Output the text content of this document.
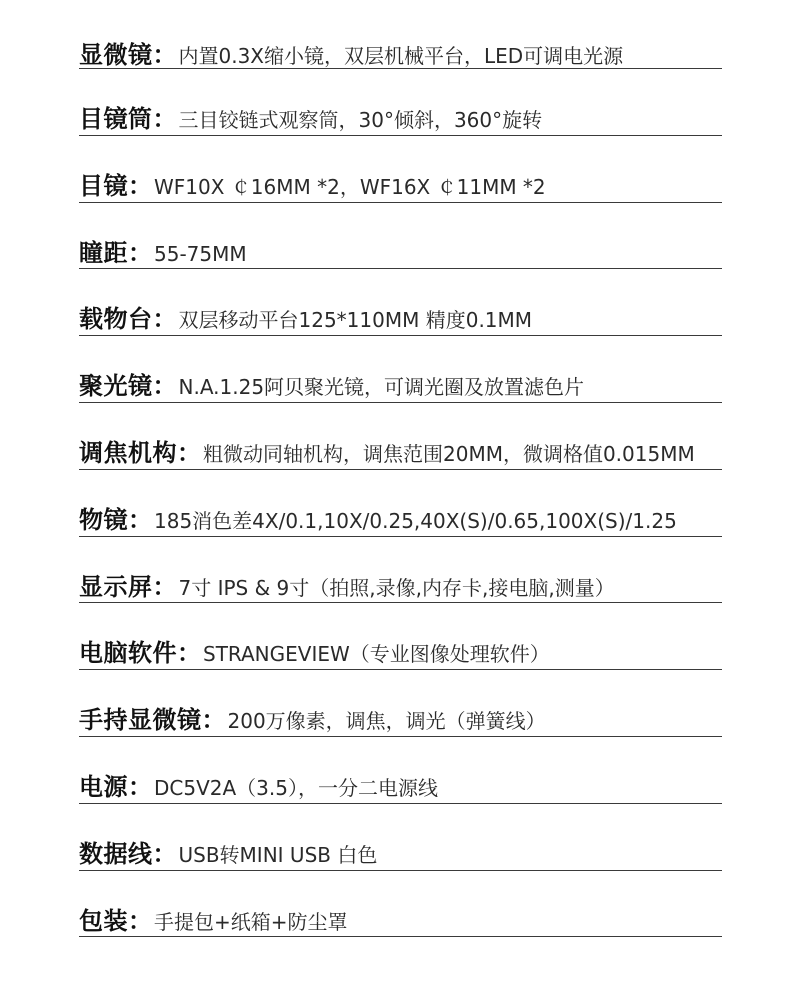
显微镜 ： 内置0.3X缩小镜，双层机械平台，LED可调电光源
目镜筒 ： 三目铰链式观察筒，30°倾斜，360°旋转
目镜 ： WF10X ￠16MM *2，WF16X ￠11MM *2
瞳距 ： 55-75MM
载物台 ： 双层移动平台125*110MM 精度0.1MM
聚光镜 ： N.A.1.25阿贝聚光镜，可调光圈及放置滤色片
调焦机构 ： 粗微动同轴机构，调焦范围20MM，微调格值0.015MM
物镜 ： 185消色差4X/0.1,10X/0.25,40X(S)/0.65,100X(S)/1.25
显示屏 ： 7寸 IPS & 9寸（拍照,录像,内存卡,接电脑,测量）
电脑软件 ： STRANGEVIEW（专业图像处理软件）
手持显微镜 ： 200万像素，调焦，调光（弹簧线）
电源 ： DC5V2A（3.5），一分二电源线
数据线 ： USB转MINI USB 白色
包装 ： 手提包+纸箱+防尘罩
